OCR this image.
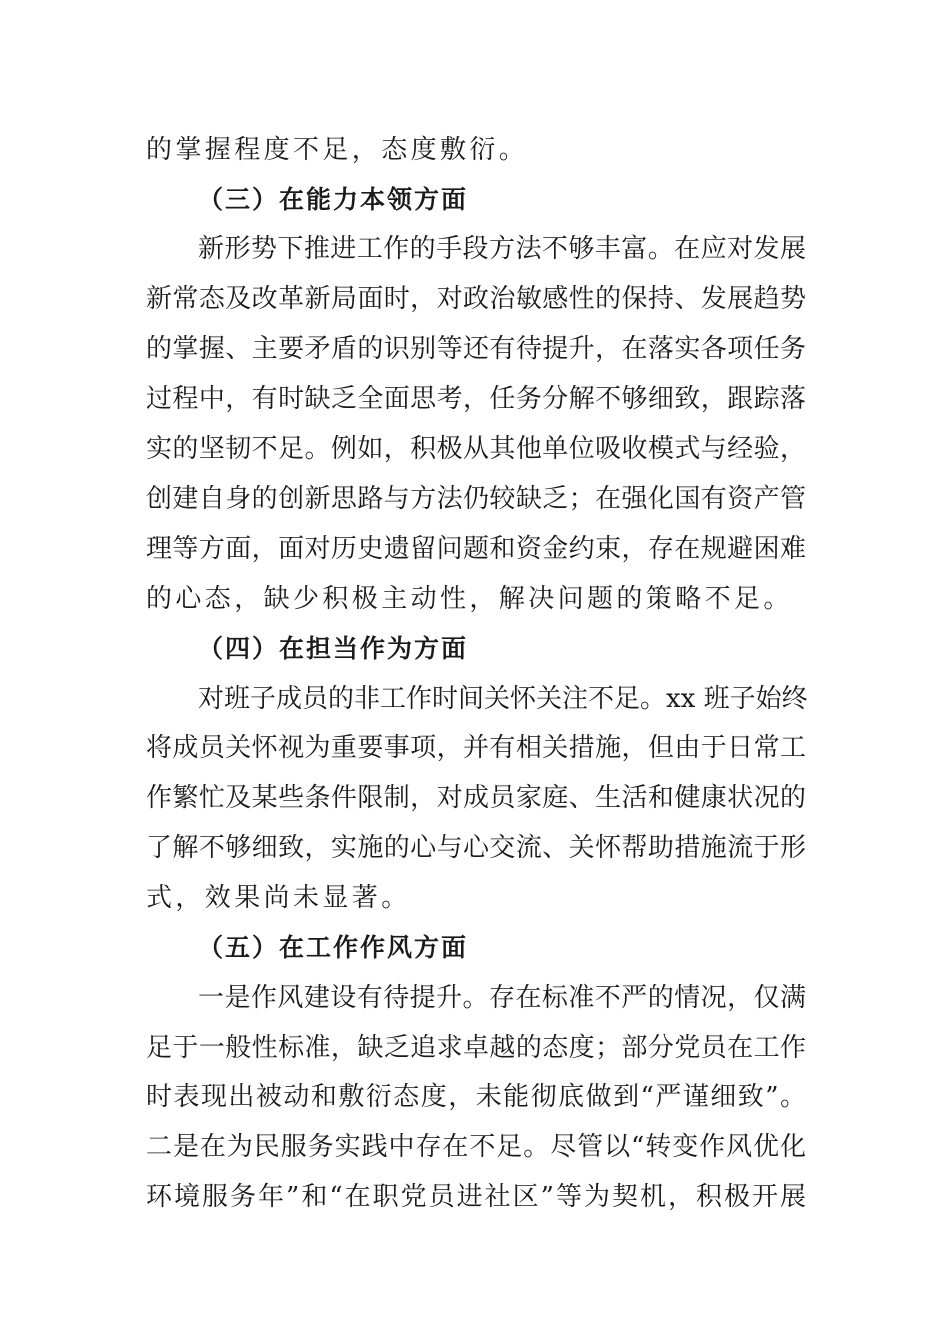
的掌握程度不足，态度敷衍。
（三）在能力本领方面
新形势下推进工作的手段方法不够丰富。在应对发展
新常态及改革新局面时，对政治敏感性的保持、发展趋势
的掌握、主要矛盾的识别等还有待提升，在落实各项任务
过程中，有时缺乏全面思考，任务分解不够细致，跟踪落
实的坚韧不足。例如，积极从其他单位吸收模式与经验，
创建自身的创新思路与方法仍较缺乏；在强化国有资产管
理等方面，面对历史遗留问题和资金约束，存在规避困难
的心态，缺少积极主动性，解决问题的策略不足。
（四）在担当作为方面
对班子成员的非工作时间关怀关注不足。xx 班子始终
将成员关怀视为重要事项，并有相关措施，但由于日常工
作繁忙及某些条件限制，对成员家庭、生活和健康状况的
了解不够细致，实施的心与心交流、关怀帮助措施流于形
式，效果尚未显著。
（五）在工作作风方面
一是作风建设有待提升。存在标准不严的情况，仅满
足于一般性标准，缺乏追求卓越的态度；部分党员在工作
时表现出被动和敷衍态度，未能彻底做到“严谨细致”。
二是在为民服务实践中存在不足。尽管以“转变作风优化
环境服务年”和“在职党员进社区”等为契机，积极开展
